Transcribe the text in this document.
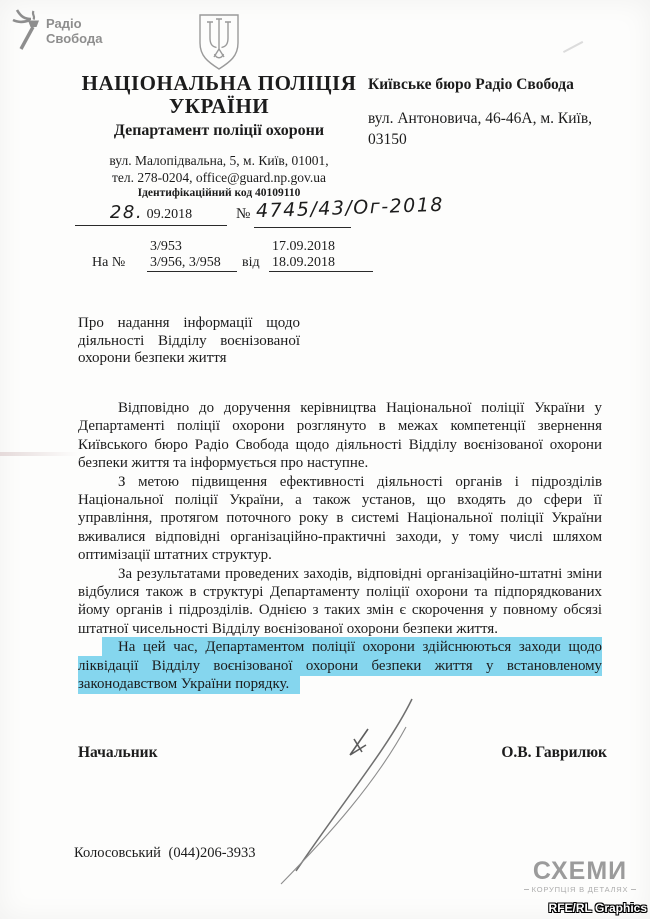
Радіо
Свобода
НАЦІОНАЛЬНА ПОЛІЦІЯ
УКРАЇНИ
Департамент поліції охорони
вул. Малопідвальна, 5, м. Київ, 01001,
тел. 278-0204, office@guard.np.gov.ua
Ідентифікаційний код 40109110
Київське бюро Радіо Свобода
вул. Антоновича, 46-46А, м. Київ,
03150
28. 09.2018	№ 4745/43/Ог-2018
3/953	17.09.2018
На № 3/956, 3/958 від 18.09.2018
Про надання інформації щодо
діяльності Відділу воєнізованої
охорони безпеки життя

Відповідно до доручення керівництва Національної поліції України у Департаменті поліції охорони розглянуто в межах компетенції звернення Київського бюро Радіо Свобода щодо діяльності Відділу воєнізованої охорони безпеки життя та інформується про наступне.

З метою підвищення ефективності діяльності органів і підрозділів Національної поліції України, а також установ, що входять до сфери її управління, протягом поточного року в системі Національної поліції України вживалися відповідні організаційно-практичні заходи, у тому числі шляхом оптимізації штатних структур.

За результатами проведених заходів, відповідні організаційно-штатні зміни відбулися також в структурі Департаменту поліції охорони та підпорядкованих йому органів і підрозділів. Однією з таких змін є скорочення у повному обсязі штатної чисельності Відділу воєнізованої охорони безпеки життя.

На цей час, Департаментом поліції охорони здійснюються заходи щодо ліквідації Відділу воєнізованої охорони безпеки життя у встановленому законодавством України порядку.

Начальник	О.В. Гаврилюк
Колосовський (044)206-3933
СХЕМИ
КОРУПЦІЯ В ДЕТАЛЯХ
RFE/RL Graphics
